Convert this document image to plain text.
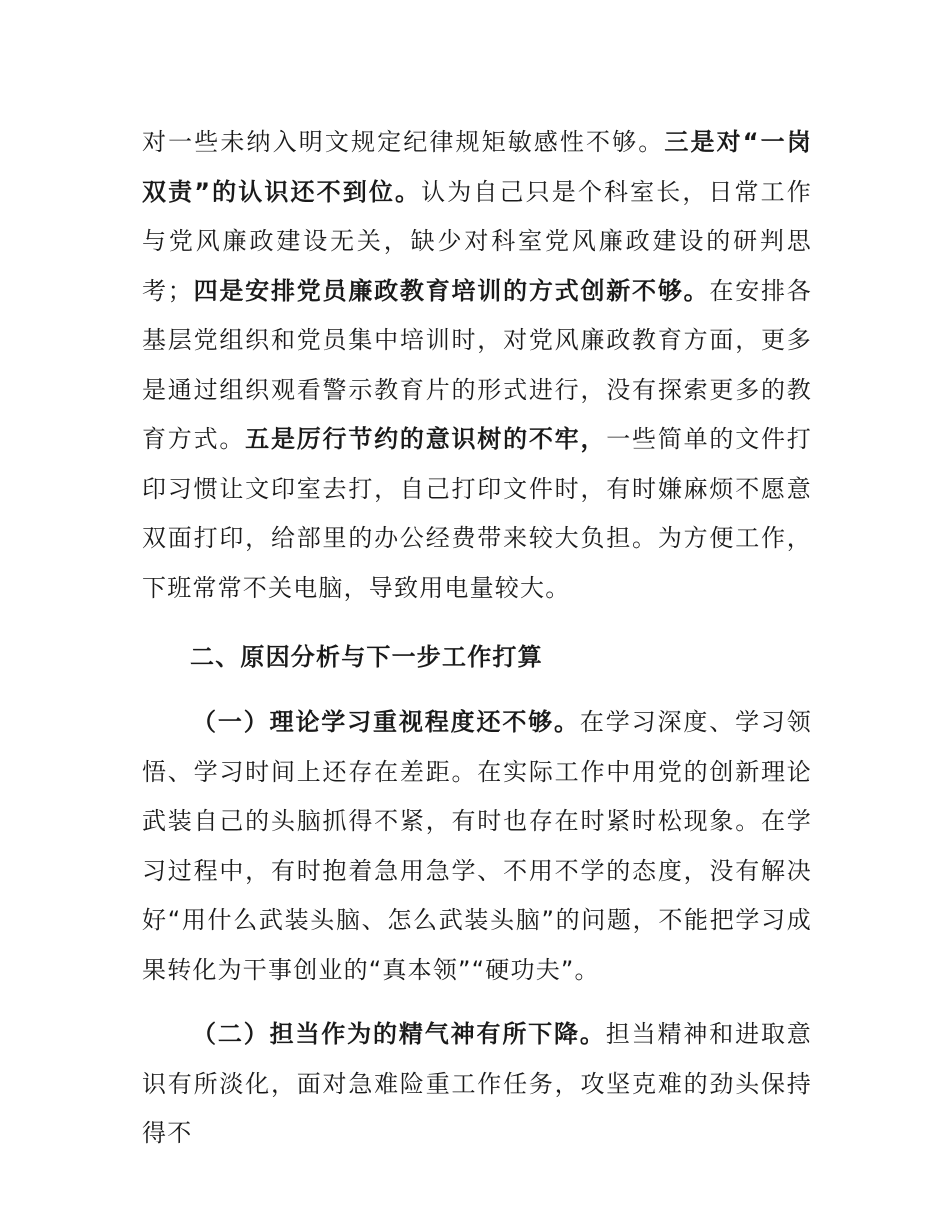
对一些未纳入明文规定纪律规矩敏感性不够。三是对“一岗双责”的认识还不到位。认为自己只是个科室长，日常工作与党风廉政建设无关，缺少对科室党风廉政建设的研判思考；四是安排党员廉政教育培训的方式创新不够。在安排各基层党组织和党员集中培训时，对党风廉政教育方面，更多是通过组织观看警示教育片的形式进行，没有探索更多的教育方式。五是厉行节约的意识树的不牢，一些简单的文件打印习惯让文印室去打，自己打印文件时，有时嫌麻烦不愿意双面打印，给部里的办公经费带来较大负担。为方便工作，下班常常不关电脑，导致用电量较大。

二、原因分析与下一步工作打算

（一）理论学习重视程度还不够。在学习深度、学习领悟、学习时间上还存在差距。在实际工作中用党的创新理论武装自己的头脑抓得不紧，有时也存在时紧时松现象。在学习过程中，有时抱着急用急学、不用不学的态度，没有解决好“用什么武装头脑、怎么武装头脑”的问题，不能把学习成果转化为干事创业的“真本领”“硬功夫”。

（二）担当作为的精气神有所下降。担当精神和进取意识有所淡化，面对急难险重工作任务，攻坚克难的劲头保持得不
